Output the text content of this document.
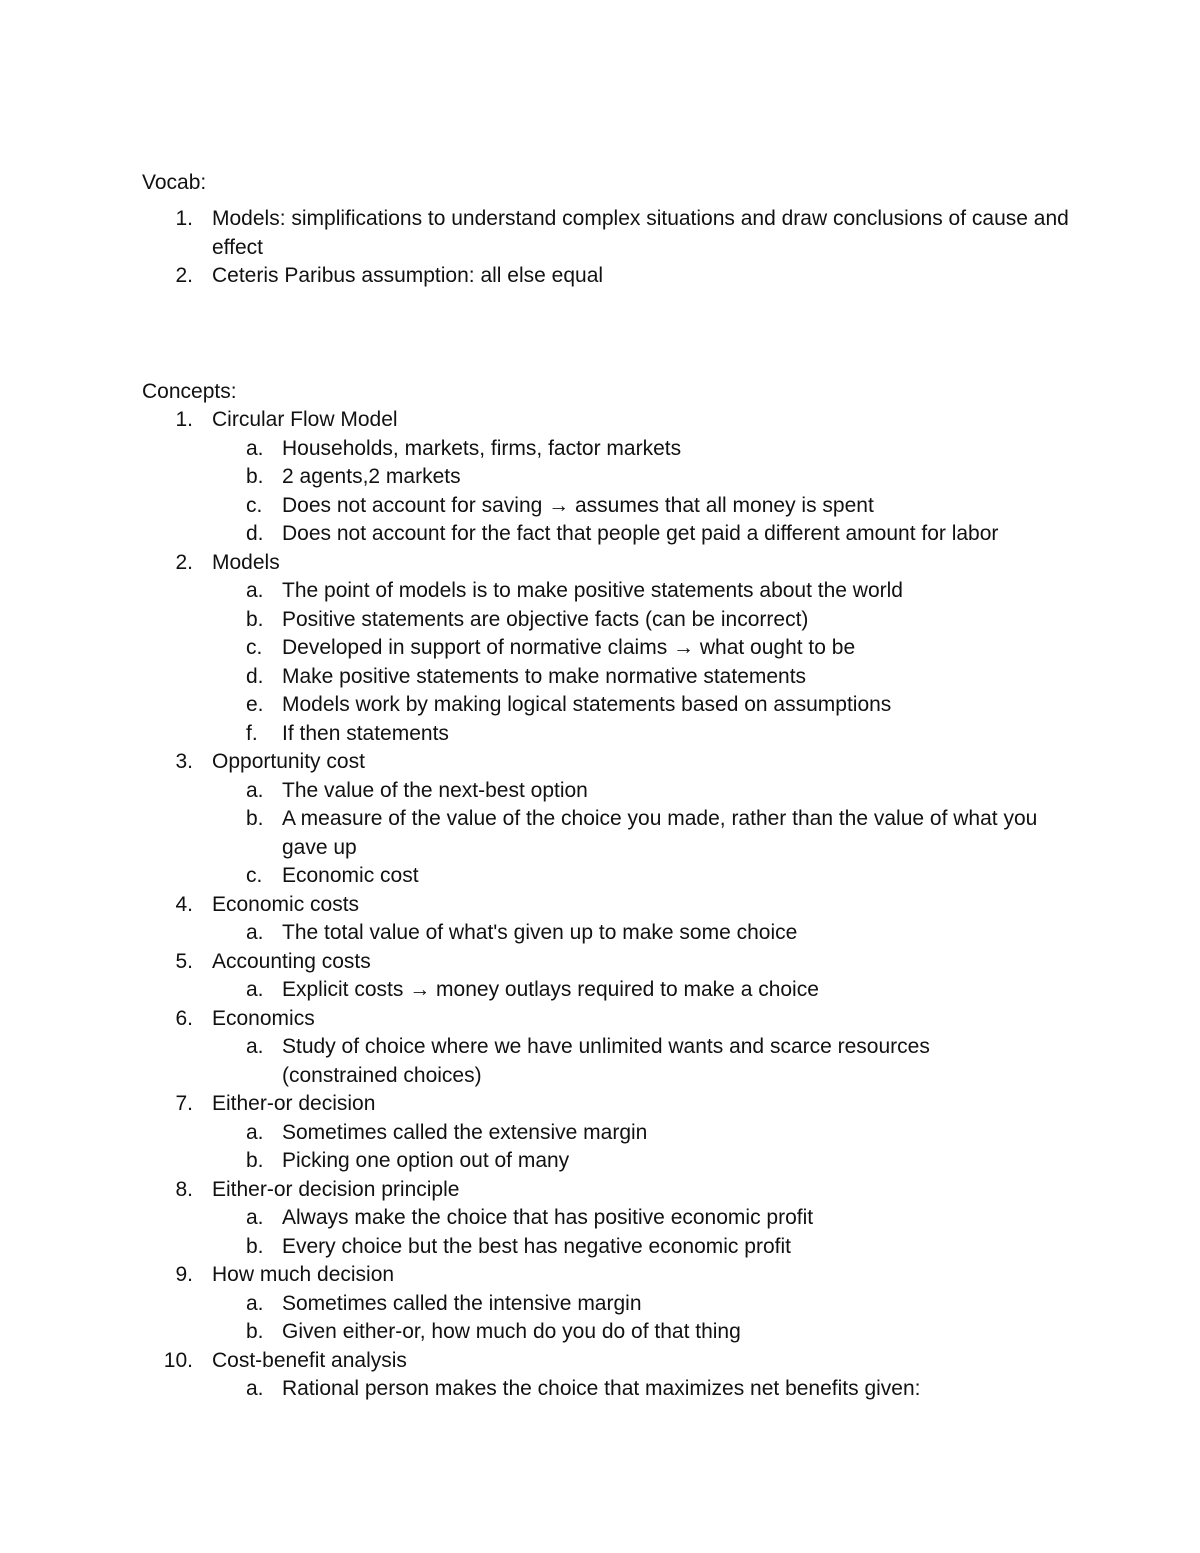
Vocab:
1. Models: simplifications to understand complex situations and draw conclusions of cause and effect
2. Ceteris Paribus assumption: all else equal
Concepts:
1. Circular Flow Model
a. Households, markets, firms, factor markets
b. 2 agents,2 markets
c. Does not account for saving → assumes that all money is spent
d. Does not account for the fact that people get paid a different amount for labor
2. Models
a. The point of models is to make positive statements about the world
b. Positive statements are objective facts (can be incorrect)
c. Developed in support of normative claims → what ought to be
d. Make positive statements to make normative statements
e. Models work by making logical statements based on assumptions
f.	If then statements
3. Opportunity cost
a. The value of the next-best option
b. A measure of the value of the choice you made, rather than the value of what you gave up
c. Economic cost
4. Economic costs
a. The total value of what's given up to make some choice
5. Accounting costs
a. Explicit costs → money outlays required to make a choice
6. Economics
a. Study of choice where we have unlimited wants and scarce resources (constrained choices)
7. Either-or decision
a. Sometimes called the extensive margin
b. Picking one option out of many
8. Either-or decision principle
a. Always make the choice that has positive economic profit
b. Every choice but the best has negative economic profit
9. How much decision
a. Sometimes called the intensive margin
b. Given either-or, how much do you do of that thing
10. Cost-benefit analysis
a. Rational person makes the choice that maximizes net benefits given:
